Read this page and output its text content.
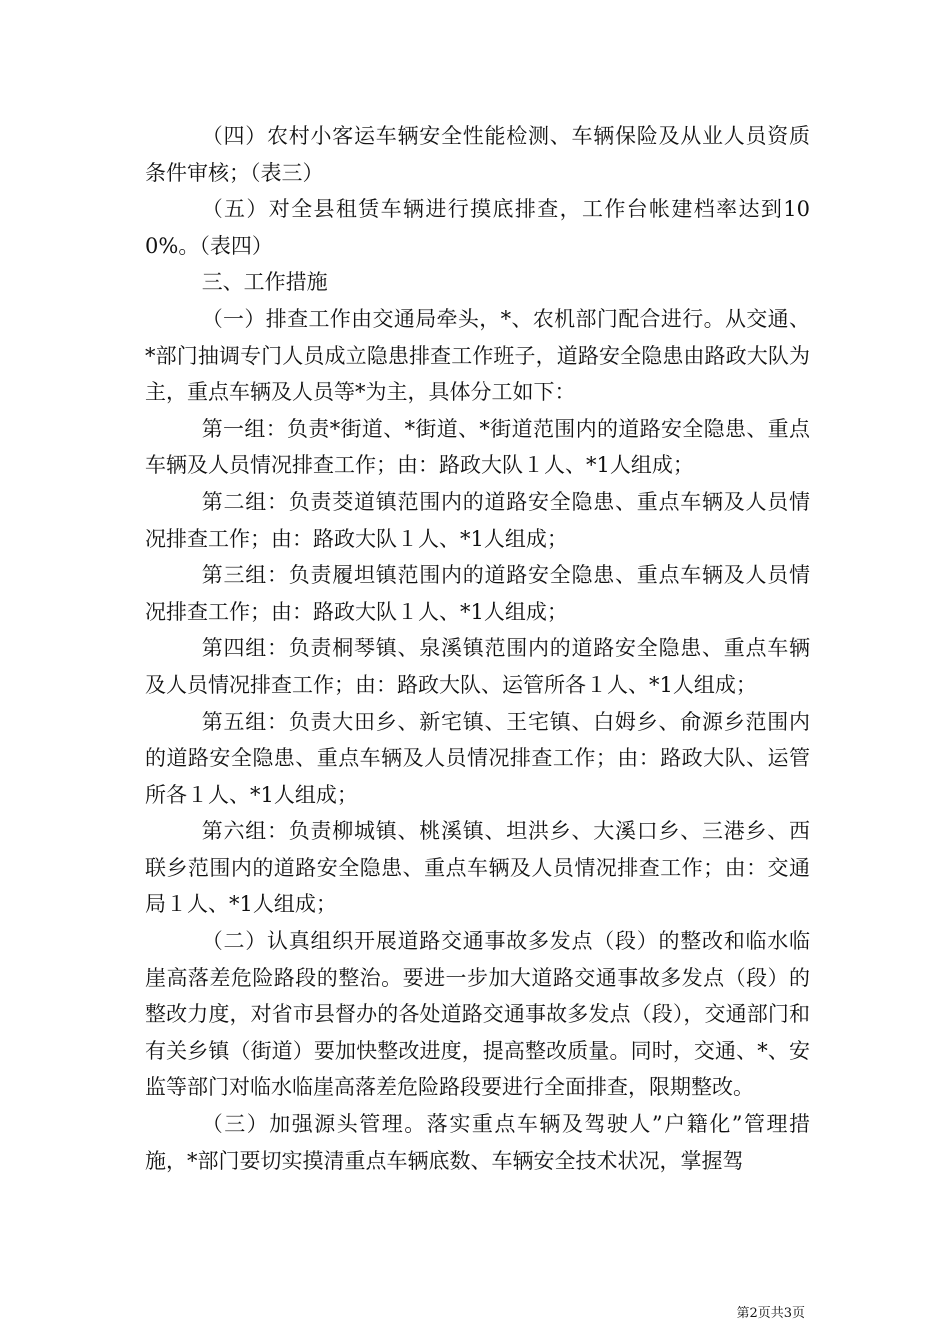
（四）农村小客运车辆安全性能检测、车辆保险及从业人员资质条件审核；（表三）

（五）对全县租赁车辆进行摸底排查，工作台帐建档率达到100%。（表四）

三、工作措施

（一）排查工作由交通局牵头，*、农机部门配合进行。从交通、*部门抽调专门人员成立隐患排查工作班子，道路安全隐患由路政大队为主，重点车辆及人员等*为主，具体分工如下：

第一组：负责*街道、*街道、*街道范围内的道路安全隐患、重点车辆及人员情况排查工作；由：路政大队１人、*1人组成；

第二组：负责茭道镇范围内的道路安全隐患、重点车辆及人员情况排查工作；由：路政大队１人、*1人组成；

第三组：负责履坦镇范围内的道路安全隐患、重点车辆及人员情况排查工作；由：路政大队１人、*1人组成；

第四组：负责桐琴镇、泉溪镇范围内的道路安全隐患、重点车辆及人员情况排查工作；由：路政大队、运管所各１人、*1人组成；

第五组：负责大田乡、新宅镇、王宅镇、白姆乡、俞源乡范围内的道路安全隐患、重点车辆及人员情况排查工作；由：路政大队、运管所各１人、*1人组成；

第六组：负责柳城镇、桃溪镇、坦洪乡、大溪口乡、三港乡、西联乡范围内的道路安全隐患、重点车辆及人员情况排查工作；由：交通局１人、*1人组成；

（二）认真组织开展道路交通事故多发点（段）的整改和临水临崖高落差危险路段的整治。要进一步加大道路交通事故多发点（段）的整改力度，对省市县督办的各处道路交通事故多发点（段），交通部门和有关乡镇（街道）要加快整改进度，提高整改质量。同时，交通、*、安监等部门对临水临崖高落差危险路段要进行全面排查，限期整改。

（三）加强源头管理。落实重点车辆及驾驶人”户籍化”管理措施，*部门要切实摸清重点车辆底数、车辆安全技术状况，掌握驾

第2页共3页
